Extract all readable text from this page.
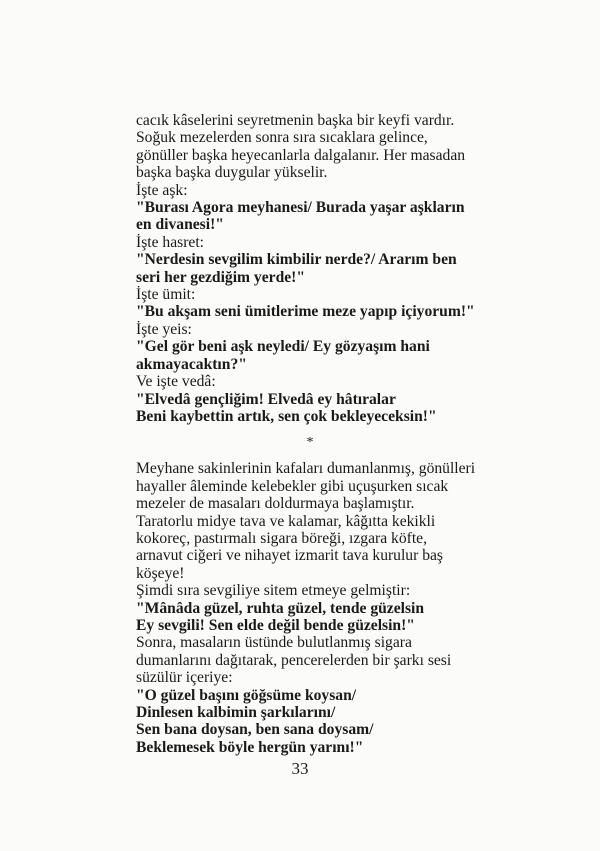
cacık kâselerini seyretmenin başka bir keyfi vardır.
Soğuk mezelerden sonra sıra sıcaklara gelince,
gönüller başka heyecanlarla dalgalanır. Her masadan
başka başka duygular yükselir.
İşte aşk:
"Burası Agora meyhanesi/ Burada yaşar aşkların
en divanesi!"
İşte hasret:
"Nerdesin sevgilim kimbilir nerde?/ Ararım ben
seri her gezdiğim yerde!"
İşte ümit:
"Bu akşam seni ümitlerime meze yapıp içiyorum!"
İşte yeis:
"Gel gör beni aşk neyledi/ Ey gözyaşım hani
akmayacaktın?"
Ve işte vedâ:
"Elvedâ gençliğim! Elvedâ ey hâtıralar
Beni kaybettin artık, sen çok bekleyeceksin!"
*
Meyhane sakinlerinin kafaları dumanlanmış, gönülleri
hayaller âleminde kelebekler gibi uçuşurken sıcak
mezeler de masaları doldurmaya başlamıştır.
Taratorlu midye tava ve kalamar, kâğıtta kekikli
kokoreç, pastırmalı sigara böreği, ızgara köfte,
arnavut ciğeri ve nihayet izmarit tava kurulur baş
köşeye!
Şimdi sıra sevgiliye sitem etmeye gelmiştir:
"Mânâda güzel, ruhta güzel, tende güzelsin
Ey sevgili! Sen elde değil bende güzelsin!"
Sonra, masaların üstünde bulutlanmış sigara
dumanlarını dağıtarak, pencerelerden bir şarkı sesi
süzülür içeriye:
"O güzel başını göğsüme koysan/
Dinlesen kalbimin şarkılarını/
Sen bana doysan, ben sana doysam/
Beklemesek böyle hergün yarını!"
33
